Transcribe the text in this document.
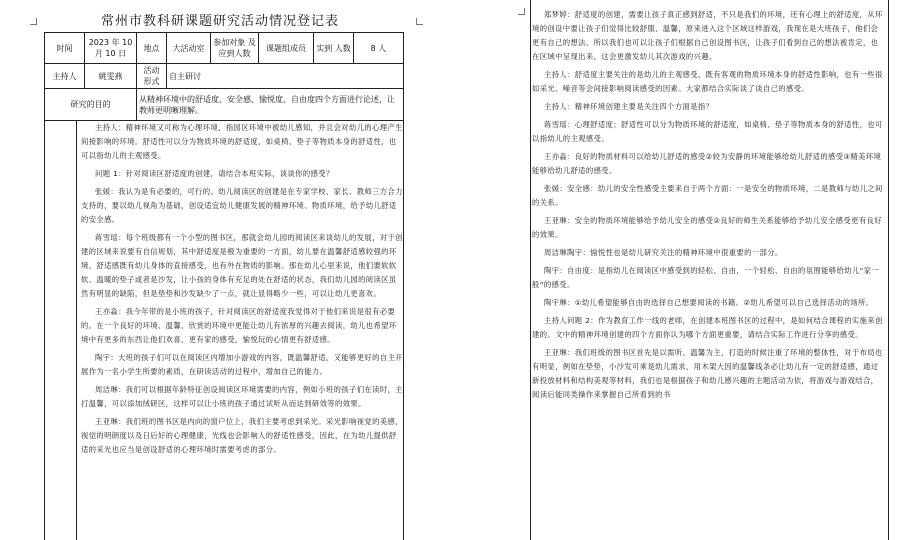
常州市教科研课题研究活动情况登记表
时间	2023 年 10 月 10 日	地点	大活动室	参加对象 及应到人数	课题组成员	实到 人数	8 人
主持人	姚雯燕	活动 形式	自主研讨				
研究的目的		从精神环境中的舒适度、安全感、愉悦度、自由度四个方面进行论述，让教师更明晰理解。					

主持人：精神环境又可称为心理环境，指园区环境中被幼儿感知，并且会对幼儿的心理产生间接影响的环境。舒适性可以分为物质环境的舒适度，如桌椅、垫子等物质本身的舒适性，也可以指幼儿的主观感受。

问题 1：针对阅读区舒适度的创建，请结合本班实际，谈谈你的感受？

张媛：我认为是有必要的，可行的。幼儿阅读区的创建是在专家学校、家长、教师三方合力支持的，要以幼儿视角为基础，创设适宜幼儿健康发展的精神环境、物质环境，给予幼儿舒适的安全感。

蒋雪瑶：每个班级都有一个小型的图书区，那就会幼儿园的阅读区来谈幼儿的发展，对于创建的区域来说要有自信规划，其中舒适度是极为重要的一方面，幼儿要在温馨舒适感较强的环境，舒适感既有幼儿身体的直接感受，也有外在物质的影响。那在幼儿心里来说，他们要软软软、温暖的垫子或者是沙发，让小孩的身体有充足的处在舒适的状态，我们幼儿园的阅读区虽然有明显的缺陷，但是垫垫和沙发缺少了一点，就让显得略少一些，可以让幼儿更喜欢。

王亦淼：我今年带的是小班的孩子，针对阅读区的舒适度我觉得对于他们来说是很有必要的。在一个良好的环境、温馨、欣赏的环境中更能让幼儿有浓厚的兴趣去阅读，幼儿也希望环境中有更多的东西让他们欢喜，更有家的感受，愉悦玩的心情更有舒适感。

陶宇：大班的孩子们可以在阅读区内增加小游戏的内容，既温馨舒适，又能够更好的自主开展作为一名小学生所要的素质，在研读活动的过程中，增加自己的能力。

周洁琳：我们可以根据年龄特征创设阅读区环境需要的内容，例如小班的孩子们在读时，主打温馨，可以添加绒研区，这样可以让小班的孩子通过试听从而达到研效等的效果。

王亚琳：我们班的图书区是内向的窗户位上，我们主要考虑到采光。采光影响视觉的美感，视觉的明朗度以及日后好的心理健康，光线也会影响人的舒适性感受，因此，在为幼儿提供舒适的采光也应当是创设舒适的心理环境时需要考虑的部分。

郑梦婷：舒适度的创建，需要让孩子真正感到舒适，不只是我们的环境，还有心理上的舒适度，从环境的创设中要让孩子们觉得比较舒服、温馨，原来进入这个区域这样游戏，我现在是大班孩子，他们会更有自己的想法，所以我们也可以让孩子们根据自己创设图书区，让孩子们看到自己的想法被肯定，也在区域中呈现出来，这会更激发幼儿其次游戏的兴趣。

主持人：舒适度主要关注的是幼儿的主观感受，既有客观的物质环境本身的舒适性影响，也有一些很如采光、噪音等会间接影响阅读感受的因素。大家都结合实际谈了谈自己的感受。

主持人：精神环境创建主要是关注四个方面是指？

蒋雪瑶：心理舒适度；舒适性可以分为物质环境的舒适度，如桌椅、垫子等物质本身的舒适性，也可以指幼儿的主观感受。

王亦淼：良好的物质材料可以给幼儿舒适的感受②较为安静的环境能够给幼儿舒适的感受③精美环境能够给幼儿舒适的感受。

张媛：安全感：幼儿的安全性感受主要来自于两个方面：一是安全的物质环境，二是教师与幼儿之间的关系。

王亚琳：安全的物质环境能够给予幼儿安全的感受②良好的师生关系能够给予幼儿安全感受更有良好的效果。

周洁琳陶宇：愉悦性也是幼儿研究关注的精神环境中很重要的一部分。

陶宇：自由度：是指幼儿在阅读区中感受到的轻松、自由，一个轻松、自由的氛围能够给幼儿“家一般”的感受。

陶宇琳：①幼儿希望能够自由的选择自己想要阅读的书籍。②幼儿希望可以自己选择活动的场所。

主持人问题 2：作为教育工作一线的老师，在创建本班图书区的过程中，是如何结合课程的实施来创建的。文中的精神环境创建的四个方面你认为哪个方面更重要，请结合实际工作进行分享的感受。

王亚琳：我们班级的图书区首先是以需听、温馨为主，打造的时候注重了环境的整体性，对于布局也有明显，例如在垫垫，小沙发可乘是幼儿需求，用木架大因的温馨线条必让幼儿有一定的舒适感，通过新投放材料和结构美观等材料，我们也是根据孩子和幼儿感兴趣的主题活动为依，将游戏与游戏结合，阅读后能同类操作来掌握自己所看到的书
